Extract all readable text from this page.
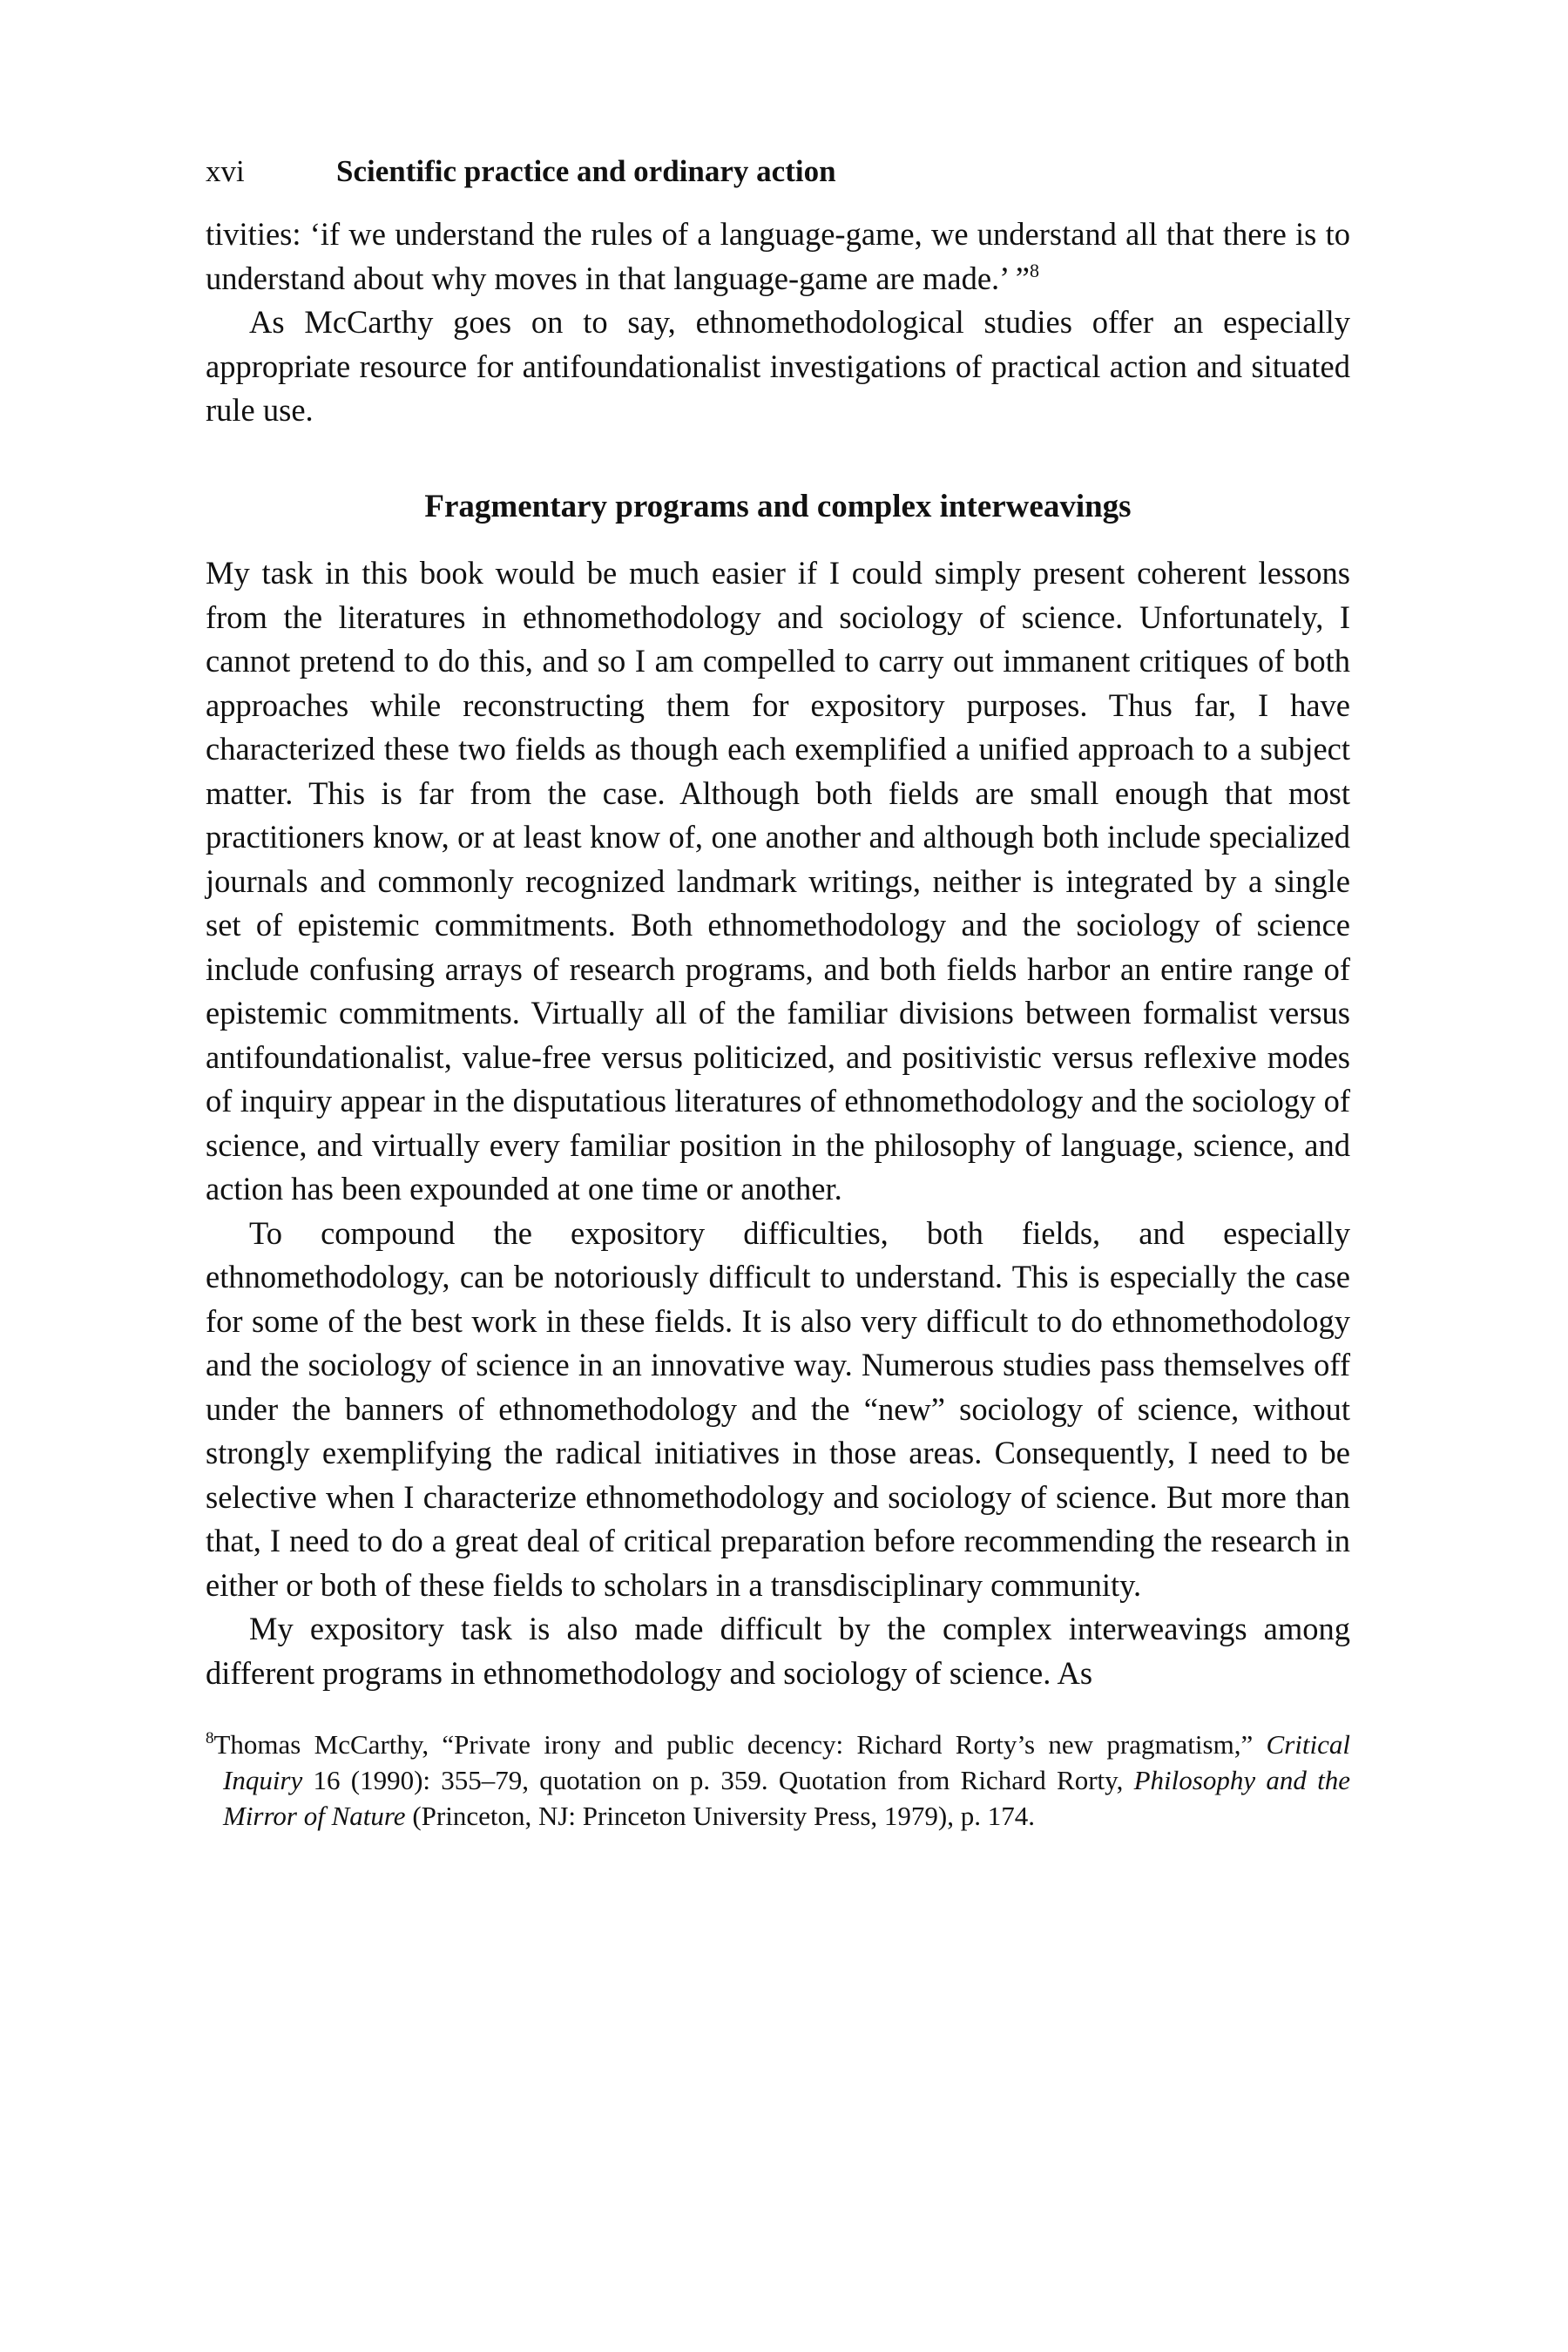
xvi	Scientific practice and ordinary action

tivities: ‘if we understand the rules of a language-game, we understand all that there is to understand about why moves in that language-game are made.’ ”$^8$

As McCarthy goes on to say, ethnomethodological studies offer an especially appropriate resource for antifoundationalist investigations of practical action and situated rule use.

Fragmentary programs and complex interweavings

My task in this book would be much easier if I could simply present coherent lessons from the literatures in ethnomethodology and sociology of science. Unfortunately, I cannot pretend to do this, and so I am compelled to carry out immanent critiques of both approaches while reconstructing them for expository purposes. Thus far, I have characterized these two fields as though each exemplified a unified approach to a subject matter. This is far from the case. Although both fields are small enough that most practitioners know, or at least know of, one another and although both include specialized journals and commonly recognized landmark writings, neither is integrated by a single set of epistemic commitments. Both ethnomethodology and the sociology of science include confusing arrays of research programs, and both fields harbor an entire range of epistemic commitments. Virtually all of the familiar divisions between formalist versus antifoundationalist, value-free versus politicized, and positivistic versus reflexive modes of inquiry appear in the disputatious literatures of ethnomethodology and the sociology of science, and virtually every familiar position in the philosophy of language, science, and action has been expounded at one time or another.

To compound the expository difficulties, both fields, and especially ethnomethodology, can be notoriously difficult to understand. This is especially the case for some of the best work in these fields. It is also very difficult to do ethnomethodology and the sociology of science in an innovative way. Numerous studies pass themselves off under the banners of ethnomethodology and the “new” sociology of science, without strongly exemplifying the radical initiatives in those areas. Consequently, I need to be selective when I characterize ethnomethodology and sociology of science. But more than that, I need to do a great deal of critical preparation before recommending the research in either or both of these fields to scholars in a transdisciplinary community.

My expository task is also made difficult by the complex interweavings among different programs in ethnomethodology and sociology of science. As

$^8$Thomas McCarthy, “Private irony and public decency: Richard Rorty’s new pragmatism,” Critical Inquiry 16 (1990): 355–79, quotation on p. 359. Quotation from Richard Rorty, Philosophy and the Mirror of Nature (Princeton, NJ: Princeton University Press, 1979), p. 174.
